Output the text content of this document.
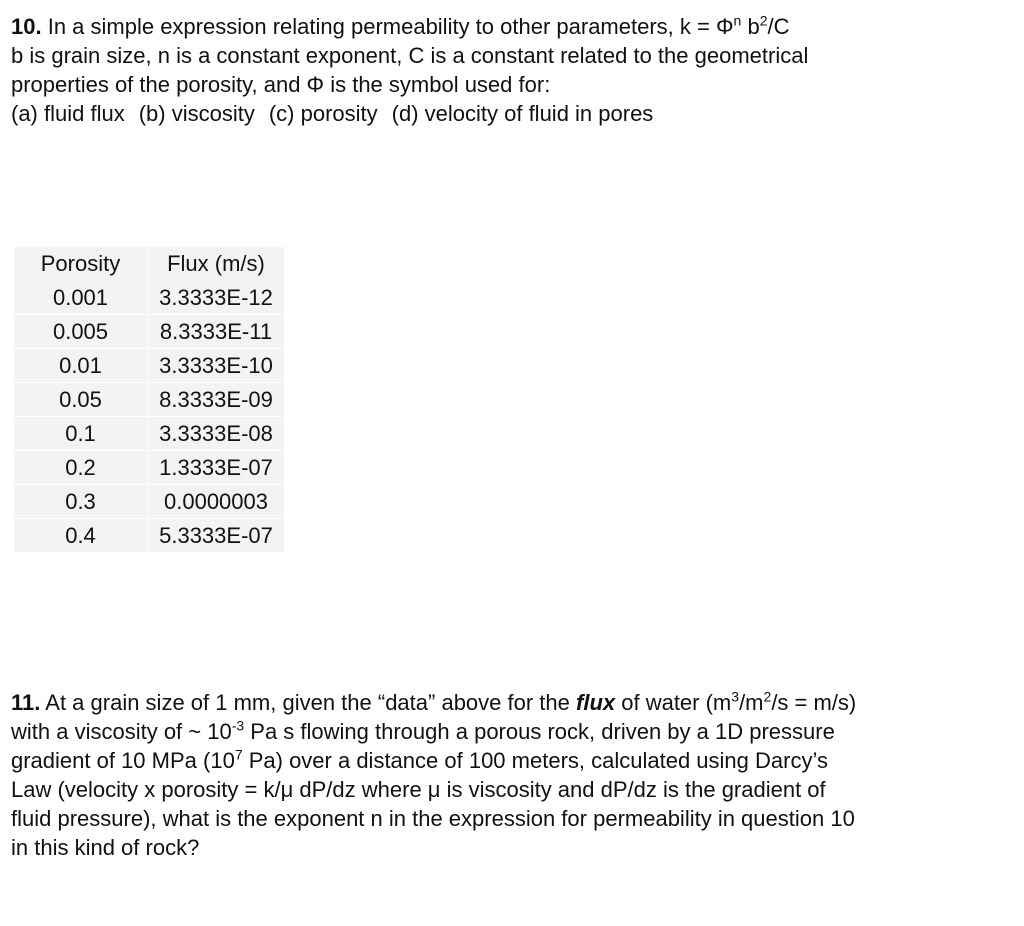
10. In a simple expression relating permeability to other parameters, $k = \Phi^n$ $b^2/C$

b is grain size, n is a constant exponent, C is a constant related to the geometrical

properties of the porosity, and Φ is the symbol used for:

(a) fluid flux (b) viscosity (c) porosity (d) velocity of fluid in pores

Porosity	Flux (m/s)
0.001	3.3333E-12
0.005	8.3333E-11
0.01	3.3333E-10
0.05	8.3333E-09
0.1	3.3333E-08
0.2	1.3333E-07
0.3	0.0000003
0.4	5.3333E-07

11. At a grain size of 1 mm, given the “data” above for the flux of water $(m^3/m^2/s = m/s)$

with a viscosity of ~ $10^{-3}$ Pa s flowing through a porous rock, driven by a 1D pressure

gradient of 10 MPa ($10^7$ Pa) over a distance of 100 meters, calculated using Darcy’s

Law (velocity x porosity = k/μ dP/dz where μ is viscosity and dP/dz is the gradient of

fluid pressure), what is the exponent n in the expression for permeability in question 10

in this kind of rock?
